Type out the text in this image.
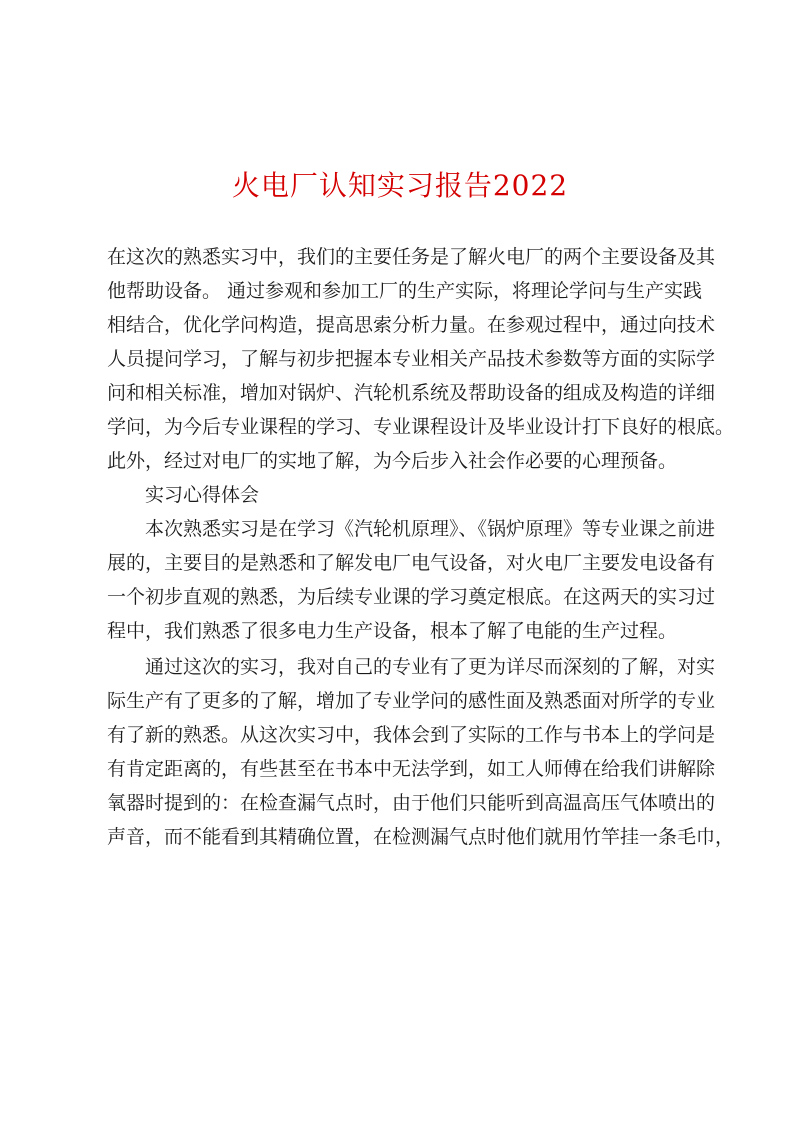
火电厂认知实习报告2022
在这次的熟悉实习中，我们的主要任务是了解火电厂的两个主要设备及其
他帮助设备。 通过参观和参加工厂的生产实际，将理论学问与生产实践
相结合，优化学问构造，提高思索分析力量。在参观过程中，通过向技术
人员提问学习，了解与初步把握本专业相关产品技术参数等方面的实际学
问和相关标准，增加对锅炉、汽轮机系统及帮助设备的组成及构造的详细
学问，为今后专业课程的学习、专业课程设计及毕业设计打下良好的根底。
此外，经过对电厂的实地了解，为今后步入社会作必要的心理预备。
实习心得体会
本次熟悉实习是在学习《汽轮机原理》、《锅炉原理》等专业课之前进
展的，主要目的是熟悉和了解发电厂电气设备，对火电厂主要发电设备有
一个初步直观的熟悉，为后续专业课的学习奠定根底。在这两天的实习过
程中，我们熟悉了很多电力生产设备，根本了解了电能的生产过程。
通过这次的实习，我对自己的专业有了更为详尽而深刻的了解，对实
际生产有了更多的了解，增加了专业学问的感性面及熟悉面对所学的专业
有了新的熟悉。从这次实习中，我体会到了实际的工作与书本上的学问是
有肯定距离的，有些甚至在书本中无法学到，如工人师傅在给我们讲解除
氧器时提到的：在检查漏气点时，由于他们只能听到高温高压气体喷出的
声音，而不能看到其精确位置，在检测漏气点时他们就用竹竿挂一条毛巾，
